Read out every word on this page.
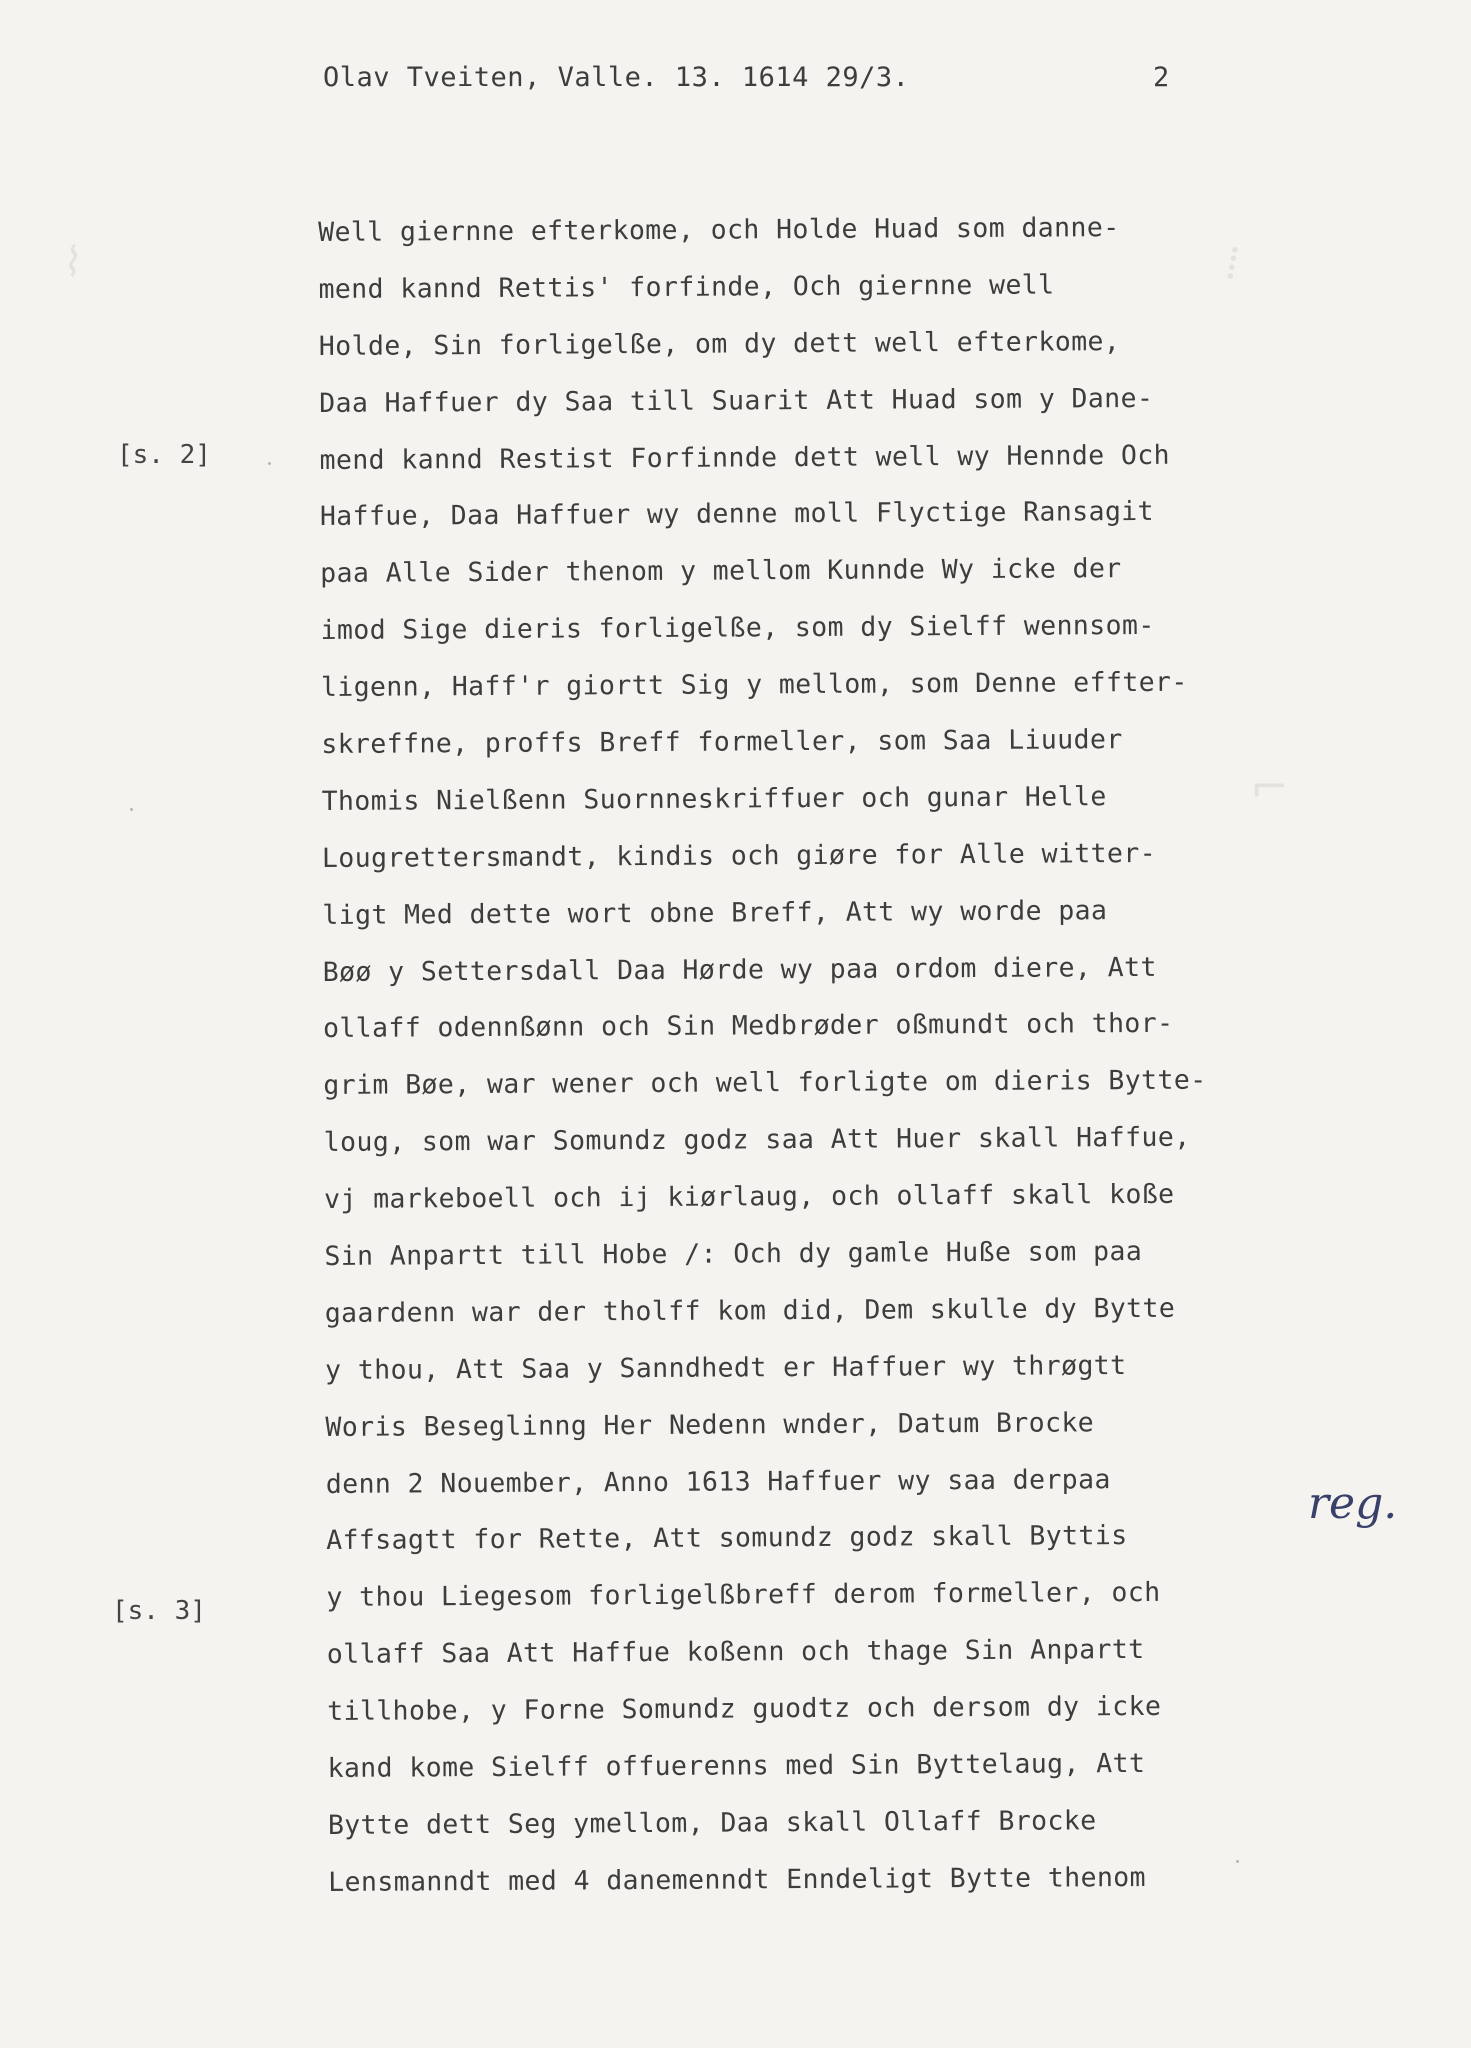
Olav Tveiten, Valle. 13. 1614 29/3.	2
[s. 2]
[s. 3]
reg.
⌇	⁞
⌐
Well giernne efterkome, och Holde Huad som danne-
mend kannd Rettis' forfinde, Och giernne well
Holde, Sin forligelße, om dy dett well efterkome,
Daa Haffuer dy Saa till Suarit Att Huad som y Dane-
mend kannd Restist Forfinnde dett well wy Hennde Och
Haffue, Daa Haffuer wy denne moll Flyctige Ransagit
paa Alle Sider thenom y mellom Kunnde Wy icke der
imod Sige dieris forligelße, som dy Sielff wennsom-
ligenn, Haff'r giortt Sig y mellom, som Denne effter-
skreffne, proffs Breff formeller, som Saa Liuuder
Thomis Nielßenn Suornneskriffuer och gunar Helle
Lougrettersmandt, kindis och giøre for Alle witter-
ligt Med dette wort obne Breff, Att wy worde paa
Bøø y Settersdall Daa Hørde wy paa ordom diere, Att
ollaff odennßønn och Sin Medbrøder oßmundt och thor-
grim Bøe, war wener och well forligte om dieris Bytte-
loug, som war Somundz godz saa Att Huer skall Haffue,
vj markeboell och ij kiørlaug, och ollaff skall koße
Sin Anpartt till Hobe /: Och dy gamle Huße som paa
gaardenn war der tholff kom did, Dem skulle dy Bytte
y thou, Att Saa y Sanndhedt er Haffuer wy thrøgtt
Woris Beseglinng Her Nedenn wnder, Datum Brocke
denn 2 Nouember, Anno 1613 Haffuer wy saa derpaa
Affsagtt for Rette, Att somundz godz skall Byttis
y thou Liegesom forligelßbreff derom formeller, och
ollaff Saa Att Haffue koßenn och thage Sin Anpartt
tillhobe, y Forne Somundz guodtz och dersom dy icke
kand kome Sielff offuerenns med Sin Byttelaug, Att
Bytte dett Seg ymellom, Daa skall Ollaff Brocke
Lensmanndt med 4 danemenndt Enndeligt Bytte thenom
